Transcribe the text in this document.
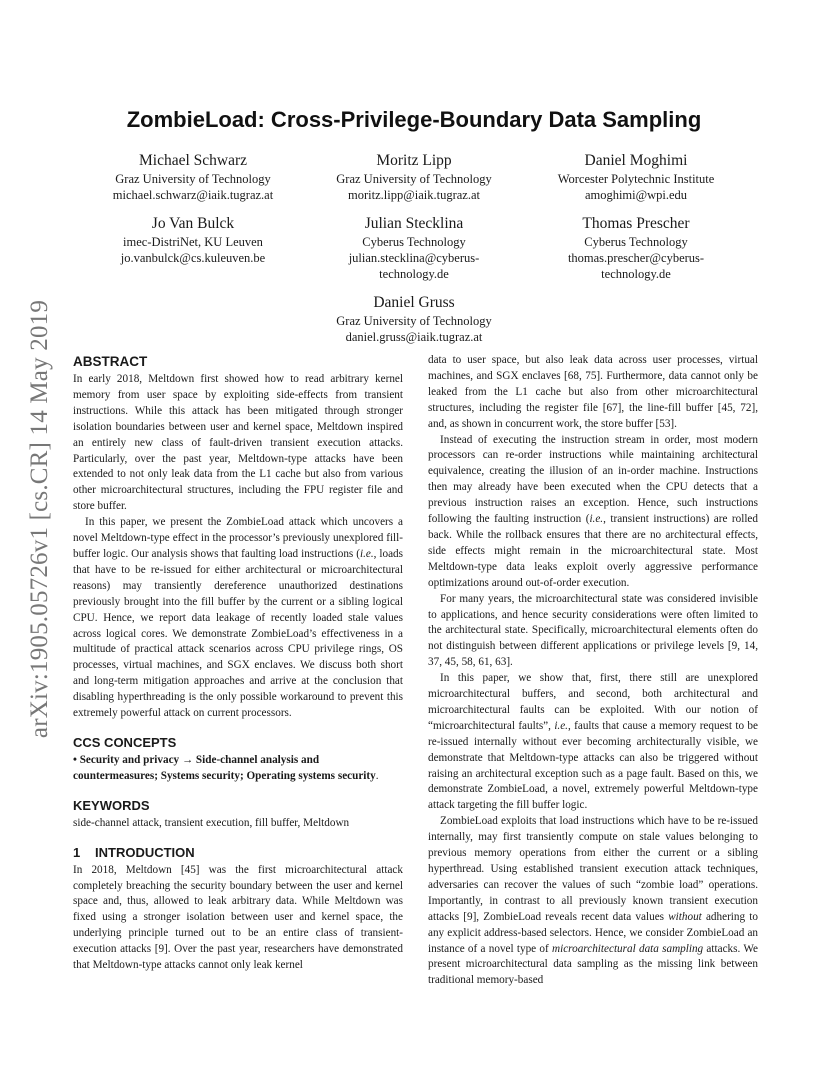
arXiv:1905.05726v1 [cs.CR] 14 May 2019
ZombieLoad: Cross-Privilege-Boundary Data Sampling
Michael Schwarz
Graz University of Technology
michael.schwarz@iaik.tugraz.at
Moritz Lipp
Graz University of Technology
moritz.lipp@iaik.tugraz.at
Daniel Moghimi
Worcester Polytechnic Institute
amoghimi@wpi.edu
Jo Van Bulck
imec-DistriNet, KU Leuven
jo.vanbulck@cs.kuleuven.be
Julian Stecklina
Cyberus Technology
julian.stecklina@cyberus-
technology.de
Thomas Prescher
Cyberus Technology
thomas.prescher@cyberus-
technology.de
Daniel Gruss
Graz University of Technology
daniel.gruss@iaik.tugraz.at

ABSTRACT

In early 2018, Meltdown first showed how to read arbitrary kernel memory from user space by exploiting side-effects from transient instructions. While this attack has been mitigated through stronger isolation boundaries between user and kernel space, Meltdown inspired an entirely new class of fault-driven transient execution attacks. Particularly, over the past year, Meltdown-type attacks have been extended to not only leak data from the L1 cache but also from various other microarchitectural structures, including the FPU register file and store buffer.

In this paper, we present the ZombieLoad attack which uncovers a novel Meltdown-type effect in the processor’s previously unexplored fill-buffer logic. Our analysis shows that faulting load instructions (i.e., loads that have to be re-issued for either architectural or microarchitectural reasons) may transiently dereference unauthorized destinations previously brought into the fill buffer by the current or a sibling logical CPU. Hence, we report data leakage of recently loaded stale values across logical cores. We demonstrate ZombieLoad’s effectiveness in a multitude of practical attack scenarios across CPU privilege rings, OS processes, virtual machines, and SGX enclaves. We discuss both short and long-term mitigation approaches and arrive at the conclusion that disabling hyperthreading is the only possible workaround to prevent this extremely powerful attack on current processors.

CCS CONCEPTS

• Security and privacy → Side-channel analysis and countermeasures; Systems security; Operating systems security.

KEYWORDS

side-channel attack, transient execution, fill buffer, Meltdown

1 INTRODUCTION

In 2018, Meltdown [45] was the first microarchitectural attack completely breaching the security boundary between the user and kernel space and, thus, allowed to leak arbitrary data. While Meltdown was fixed using a stronger isolation between user and kernel space, the underlying principle turned out to be an entire class of transient-execution attacks [9]. Over the past year, researchers have demonstrated that Meltdown-type attacks cannot only leak kernel

data to user space, but also leak data across user processes, virtual machines, and SGX enclaves [68, 75]. Furthermore, data cannot only be leaked from the L1 cache but also from other microarchitectural structures, including the register file [67], the line-fill buffer [45, 72], and, as shown in concurrent work, the store buffer [53].

Instead of executing the instruction stream in order, most modern processors can re-order instructions while maintaining architectural equivalence, creating the illusion of an in-order machine. Instructions then may already have been executed when the CPU detects that a previous instruction raises an exception. Hence, such instructions following the faulting instruction (i.e., transient instructions) are rolled back. While the rollback ensures that there are no architectural effects, side effects might remain in the microarchitectural state. Most Meltdown-type data leaks exploit overly aggressive performance optimizations around out-of-order execution.

For many years, the microarchitectural state was considered invisible to applications, and hence security considerations were often limited to the architectural state. Specifically, microarchitectural elements often do not distinguish between different applications or privilege levels [9, 14, 37, 45, 58, 61, 63].

In this paper, we show that, first, there still are unexplored microarchitectural buffers, and second, both architectural and microarchitectural faults can be exploited. With our notion of “microarchitectural faults”, i.e., faults that cause a memory request to be re-issued internally without ever becoming architecturally visible, we demonstrate that Meltdown-type attacks can also be triggered without raising an architectural exception such as a page fault. Based on this, we demonstrate ZombieLoad, a novel, extremely powerful Meltdown-type attack targeting the fill buffer logic.

ZombieLoad exploits that load instructions which have to be re-issued internally, may first transiently compute on stale values belonging to previous memory operations from either the current or a sibling hyperthread. Using established transient execution attack techniques, adversaries can recover the values of such “zombie load” operations. Importantly, in contrast to all previously known transient execution attacks [9], ZombieLoad reveals recent data values without adhering to any explicit address-based selectors. Hence, we consider ZombieLoad an instance of a novel type of microarchitectural data sampling attacks. We present microarchitectural data sampling as the missing link between traditional memory-based
